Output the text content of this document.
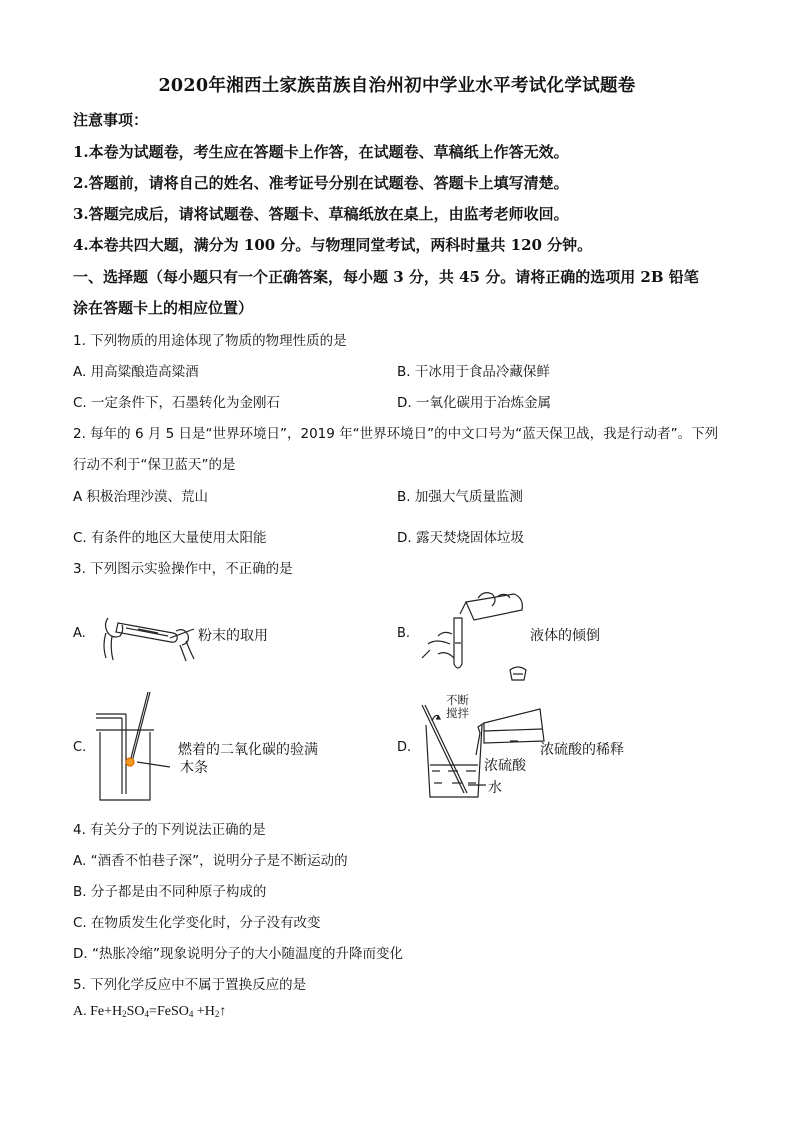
2020年湘西土家族苗族自治州初中学业水平考试化学试题卷
注意事项：
1.本卷为试题卷，考生应在答题卡上作答，在试题卷、草稿纸上作答无效。
2.答题前，请将自己的姓名、准考证号分别在试题卷、答题卡上填写清楚。
3.答题完成后，请将试题卷、答题卡、草稿纸放在桌上，由监考老师收回。
4.本卷共四大题，满分为 100 分。与物理同堂考试，两科时量共 120 分钟。
一、选择题（每小题只有一个正确答案，每小题 3 分，共 45 分。请将正确的选项用 2B 铅笔
涂在答题卡上的相应位置）
1. 下列物质的用途体现了物质的物理性质的是
A. 用高粱酿造高粱酒	B. 干冰用于食品冷藏保鲜
C. 一定条件下，石墨转化为金刚石	D. 一氧化碳用于冶炼金属
2. 每年的 6 月 5 日是“世界环境日”，2019 年“世界环境日”的中文口号为“蓝天保卫战，我是行动者”。下列
行动不利于“保卫蓝天”的是
A 积极治理沙漠、荒山	B. 加强大气质量监测
C. 有条件的地区大量使用太阳能	D. 露天焚烧固体垃圾
3. 下列图示实验操作中，不正确的是
A.	粉末的取用	B.	液体的倾倒
C.	燃着的二氧化碳的验满
木条
D.
不断
搅拌
浓硫酸的稀释
浓硫酸
水
4. 有关分子的下列说法正确的是
A. “酒香不怕巷子深”，说明分子是不断运动的
B. 分子都是由不同种原子构成的
C. 在物质发生化学变化时，分子没有改变
D. “热胀冷缩”现象说明分子的大小随温度的升降而变化
5. 下列化学反应中不属于置换反应的是
A. $Fe+H_2SO_4=FeSO_4$ $+H_2↑$
